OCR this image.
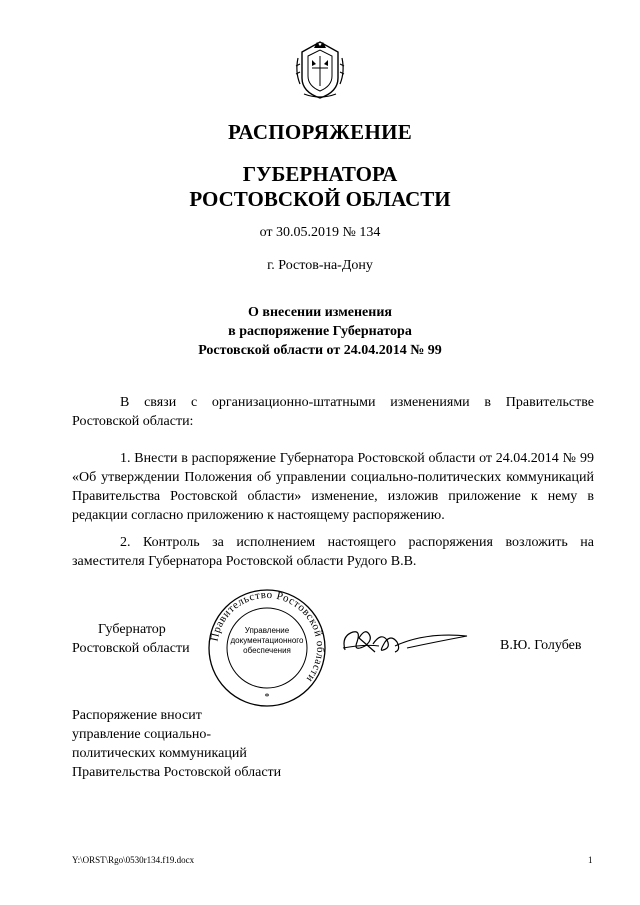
РАСПОРЯЖЕНИЕ
ГУБЕРНАТОРА
РОСТОВСКОЙ ОБЛАСТИ
от 30.05.2019 № 134
г. Ростов-на-Дону
О внесении изменения
в распоряжение Губернатора
Ростовской области от 24.04.2014 № 99
В связи с организационно-штатными изменениями в Правительстве Ростовской области:
1. Внести в распоряжение Губернатора Ростовской области от 24.04.2014 № 99 «Об утверждении Положения об управлении социально-политических коммуникаций Правительства Ростовской области» изменение, изложив приложение к нему в редакции согласно приложению к настоящему распоряжению.
2. Контроль за исполнением настоящего распоряжения возложить на заместителя Губернатора Ростовской области Рудого В.В.
Губернатор
Ростовской области
Правительство Ростовской области
Управление документационного обеспечения
*
В.Ю. Голубев
Распоряжение вносит
управление социально-
политических коммуникаций
Правительства Ростовской области
Y:\ORST\Rgo\0530r134.f19.docx	1
